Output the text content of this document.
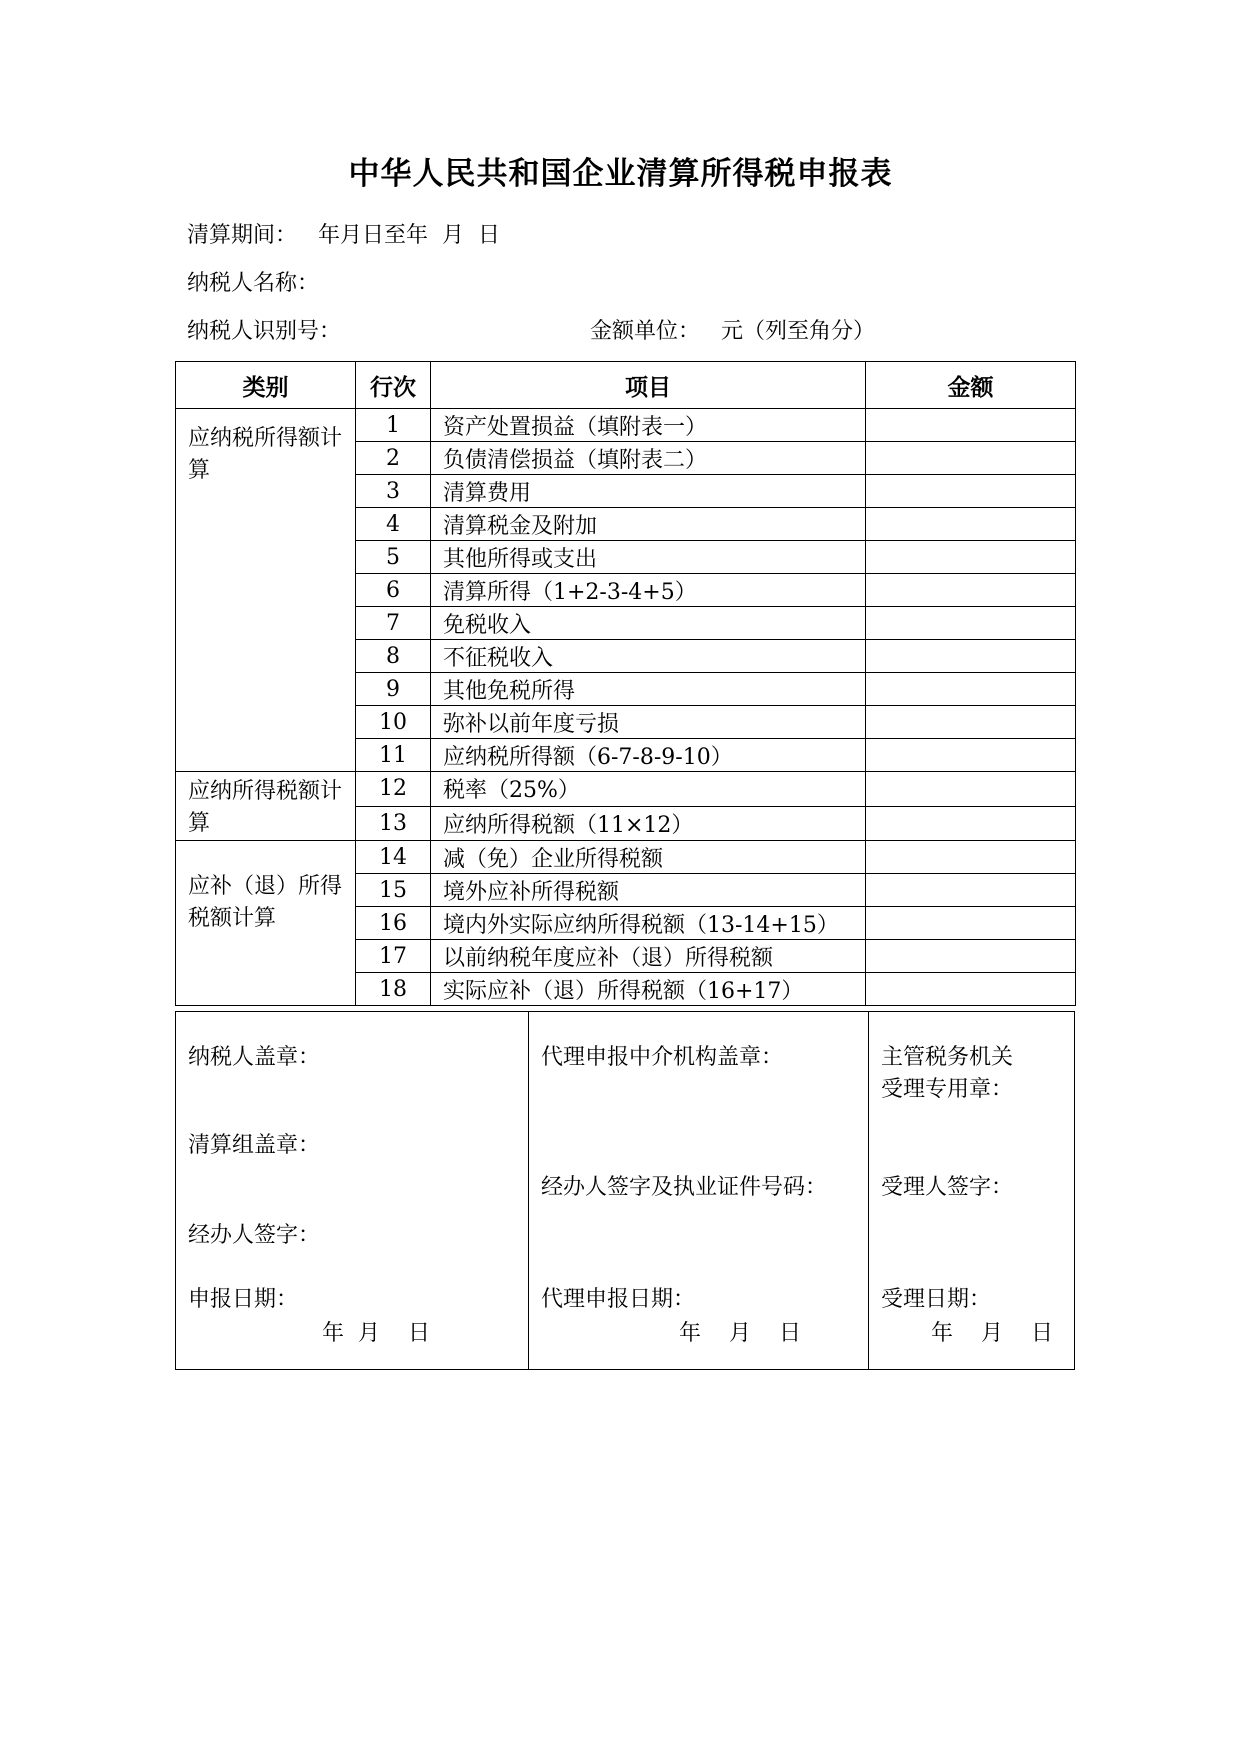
中华人民共和国企业清算所得税申报表
清算期间： 年月日至年  月  日
纳税人名称：
纳税人识别号：	金额单位： 元（列至角分）
类别	行次	项目	金额
应纳税所得额计算	1	资产处置损益（填附表一）	
	2	负债清偿损益（填附表二）	
	3	清算费用	
	4	清算税金及附加	
	5	其他所得或支出	
	6	清算所得（1+2-3-4+5）	
	7	免税收入	
	8	不征税收入	
	9	其他免税所得	
	10	弥补以前年度亏损	
	11	应纳税所得额（6-7-8-9-10）	
应纳所得税额计算	12	税率（25%）	
	13	应纳所得税额（11×12）	
应补（退）所得税额计算	14	减（免）企业所得税额	
	15	境外应补所得税额	
	16	境内外实际应纳所得税额（13-14+15）	
	17	以前纳税年度应补（退）所得税额	
	18	实际应补（退）所得税额（16+17）	
纳税人盖章：
清算组盖章：
经办人签字：
申报日期：
年  月    日
代理申报中介机构盖章：
经办人签字及执业证件号码：
代理申报日期：
年    月    日
主管税务机关
受理专用章：
受理人签字：
受理日期：
年    月    日
